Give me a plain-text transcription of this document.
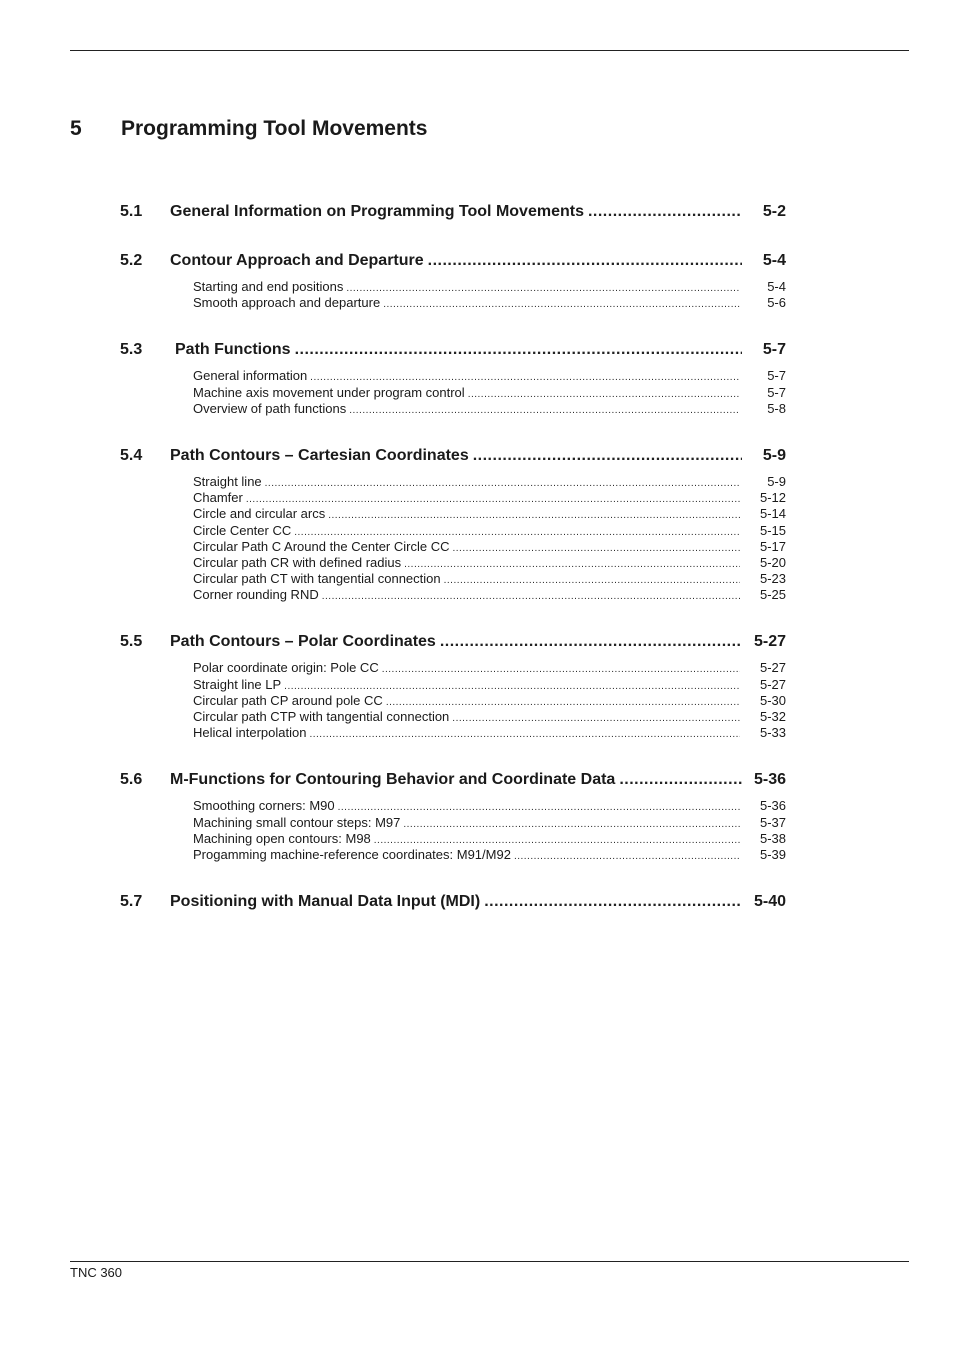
5 Programming Tool Movements
5.1	General Information on Programming Tool Movements .....	5-2
5.2	Contour Approach and Departure .....	5-4
Starting and end positions .....	5-4
Smooth approach and departure .....	5-6
5.3	Path Functions .....	5-7
General information .....	5-7
Machine axis movement under program control .....	5-7
Overview of path functions .....	5-8
5.4	Path Contours – Cartesian Coordinates .....	5-9
Straight line .....	5-9
Chamfer .....	5-12
Circle and circular arcs .....	5-14
Circle Center CC .....	5-15
Circular Path C Around the Center Circle CC .....	5-17
Circular path CR with defined radius .....	5-20
Circular path CT with tangential connection .....	5-23
Corner rounding RND .....	5-25
5.5	Path Contours – Polar Coordinates .....	5-27
Polar coordinate origin: Pole CC .....	5-27
Straight line LP .....	5-27
Circular path CP around pole CC .....	5-30
Circular path CTP with tangential connection .....	5-32
Helical interpolation .....	5-33
5.6	M-Functions for Contouring Behavior and Coordinate Data .....	5-36
Smoothing corners: M90 .....	5-36
Machining small contour steps: M97 .....	5-37
Machining open contours: M98 .....	5-38
Progamming machine-reference coordinates: M91/M92 .....	5-39
5.7	Positioning with Manual Data Input (MDI) .....	5-40
TNC 360
